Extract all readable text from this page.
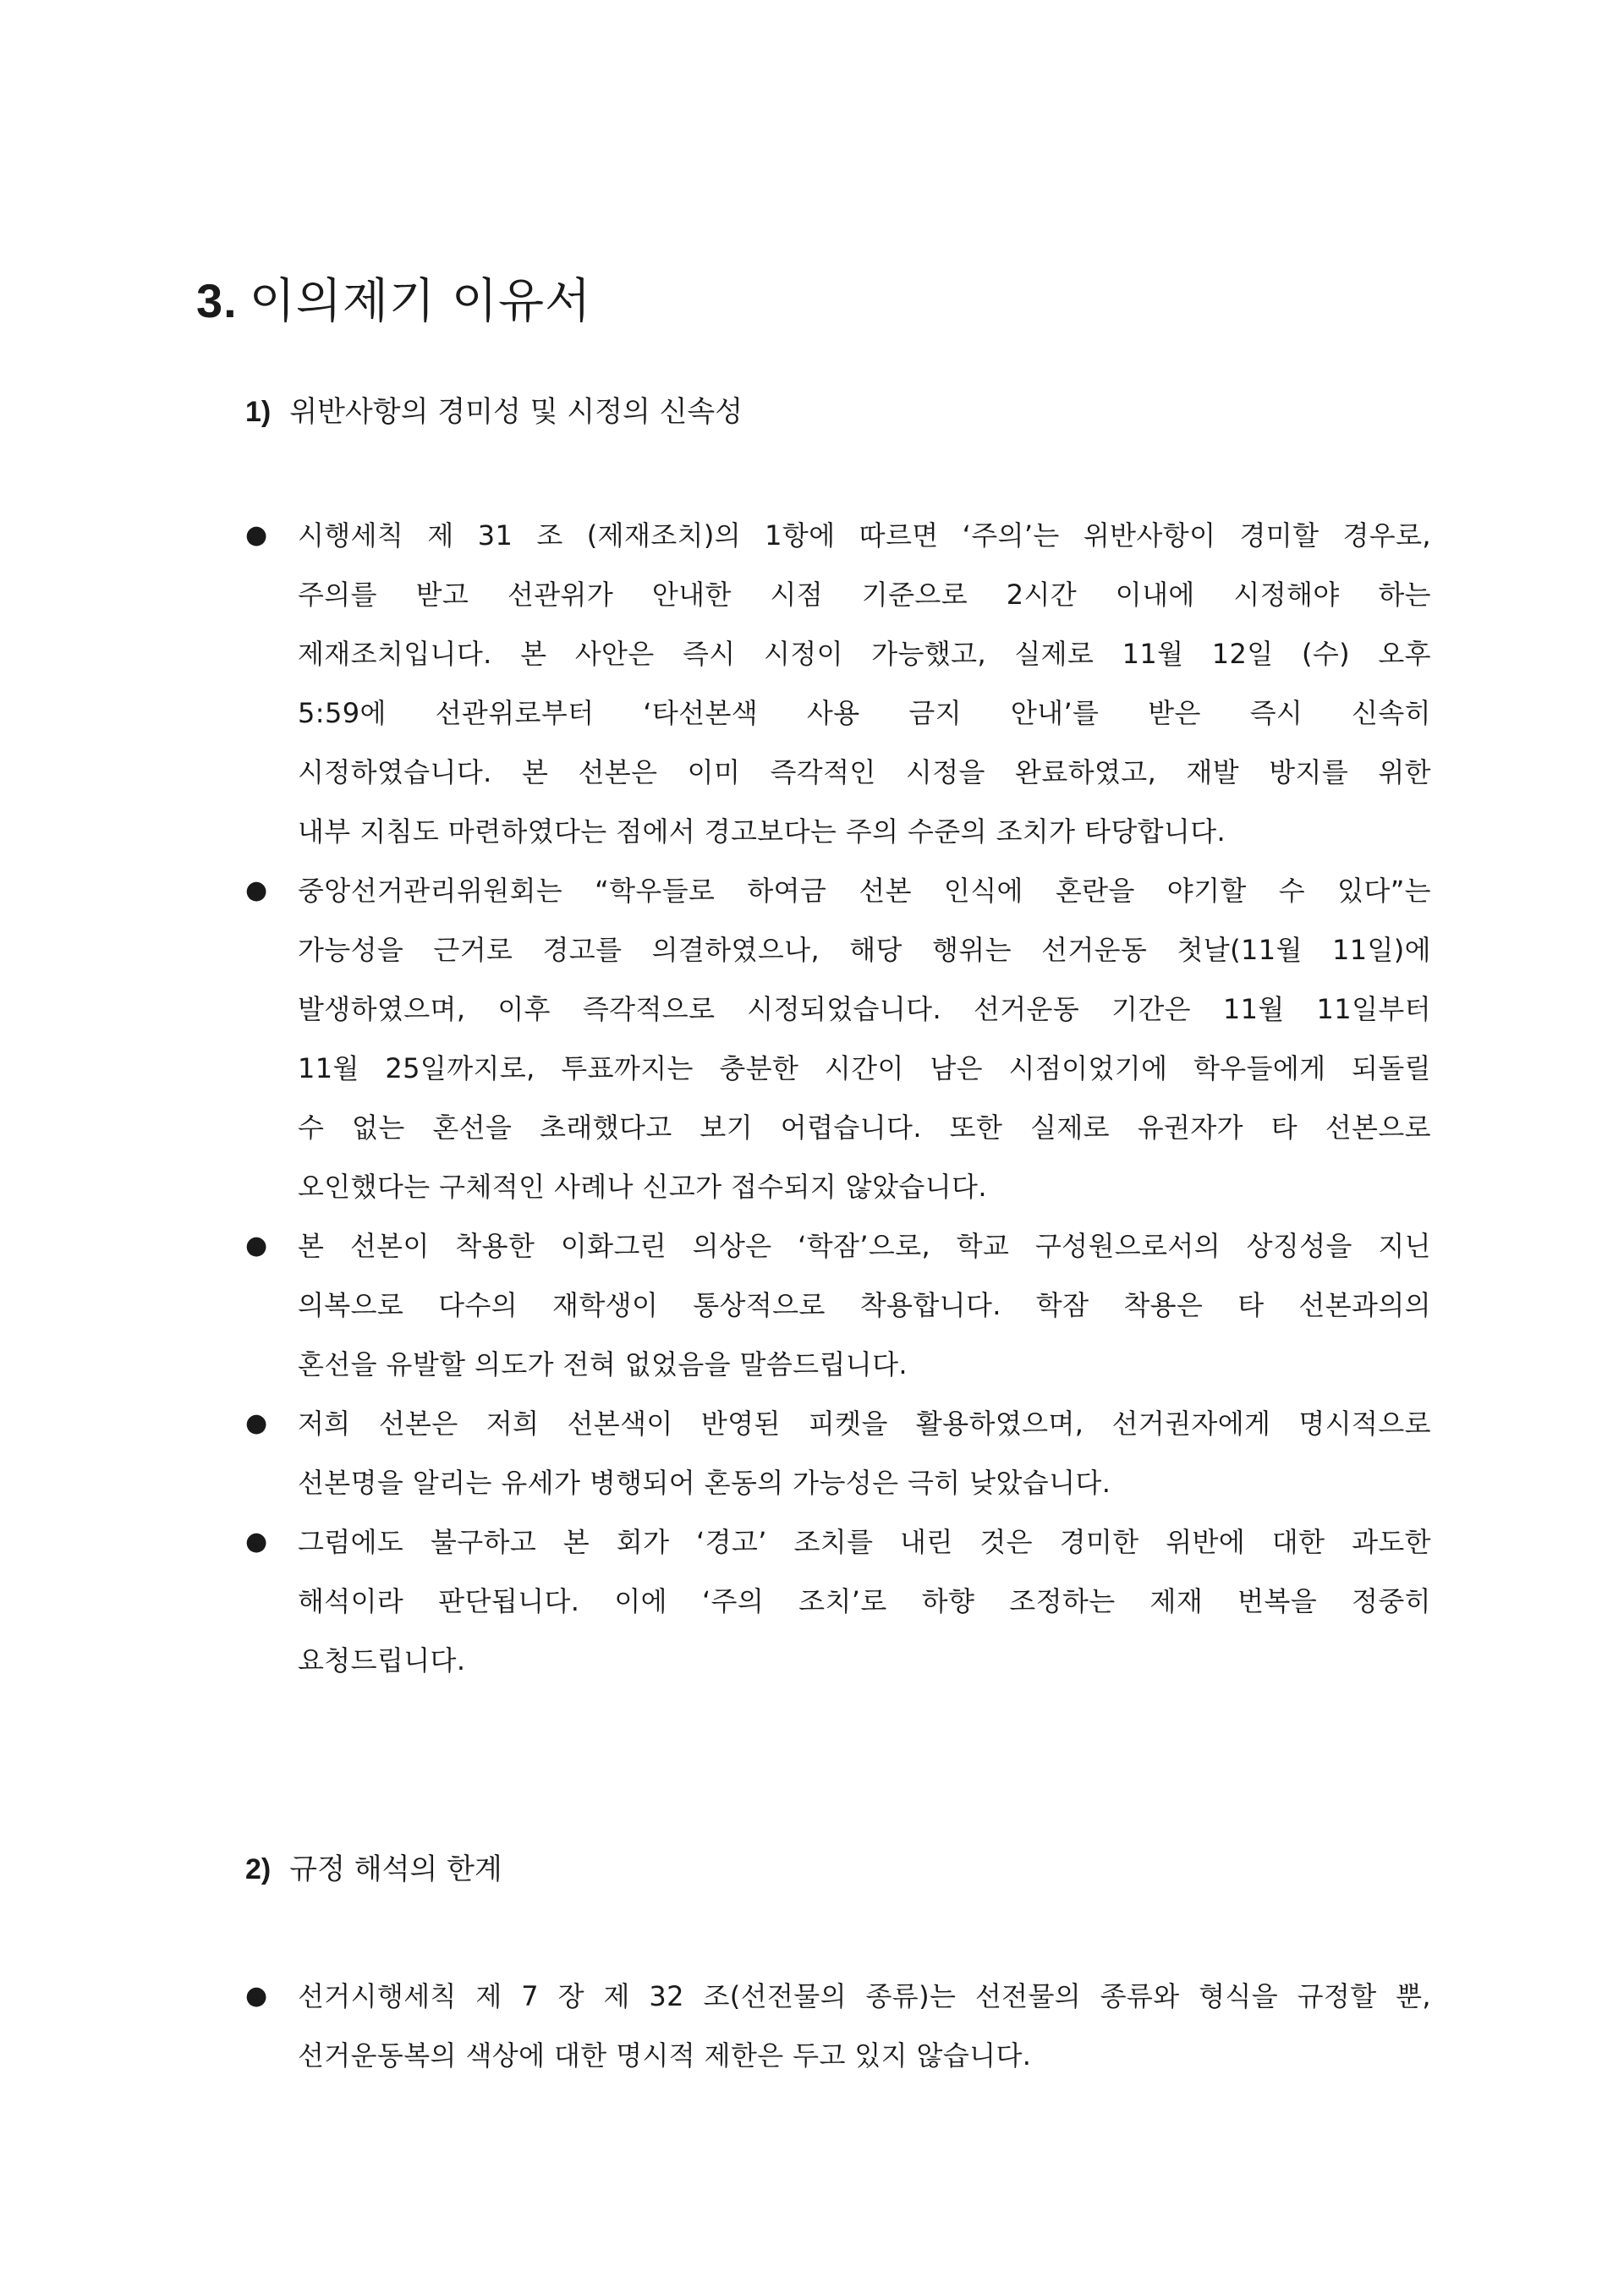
3. 이의제기 이유서
1) 위반사항의 경미성 및 시정의 신속성
●	시행세칙 제 31 조 (제재조치)의 1항에 따르면 ‘주의’는 위반사항이 경미할 경우로,
주의를 받고 선관위가 안내한 시점 기준으로 2시간 이내에 시정해야 하는
제재조치입니다. 본 사안은 즉시 시정이 가능했고, 실제로 11월 12일 (수) 오후
5:59에 선관위로부터 ‘타선본색 사용 금지 안내’를 받은 즉시 신속히
시정하였습니다. 본 선본은 이미 즉각적인 시정을 완료하였고, 재발 방지를 위한
내부 지침도 마련하였다는 점에서 경고보다는 주의 수준의 조치가 타당합니다.
●	중앙선거관리위원회는 “학우들로 하여금 선본 인식에 혼란을 야기할 수 있다”는
가능성을 근거로 경고를 의결하였으나, 해당 행위는 선거운동 첫날(11월 11일)에
발생하였으며, 이후 즉각적으로 시정되었습니다. 선거운동 기간은 11월 11일부터
11월 25일까지로, 투표까지는 충분한 시간이 남은 시점이었기에 학우들에게 되돌릴
수 없는 혼선을 초래했다고 보기 어렵습니다. 또한 실제로 유권자가 타 선본으로
오인했다는 구체적인 사례나 신고가 접수되지 않았습니다.
●	본 선본이 착용한 이화그린 의상은 ‘학잠’으로, 학교 구성원으로서의 상징성을 지닌
의복으로 다수의 재학생이 통상적으로 착용합니다. 학잠 착용은 타 선본과의의
혼선을 유발할 의도가 전혀 없었음을 말씀드립니다.
●	저희 선본은 저희 선본색이 반영된 피켓을 활용하였으며, 선거권자에게 명시적으로
선본명을 알리는 유세가 병행되어 혼동의 가능성은 극히 낮았습니다.
●	그럼에도 불구하고 본 회가 ‘경고’ 조치를 내린 것은 경미한 위반에 대한 과도한
해석이라 판단됩니다. 이에 ‘주의 조치’로 하향 조정하는 제재 번복을 정중히
요청드립니다.
2) 규정 해석의 한계
●	선거시행세칙 제 7 장 제 32 조(선전물의 종류)는 선전물의 종류와 형식을 규정할 뿐,
선거운동복의 색상에 대한 명시적 제한은 두고 있지 않습니다.
